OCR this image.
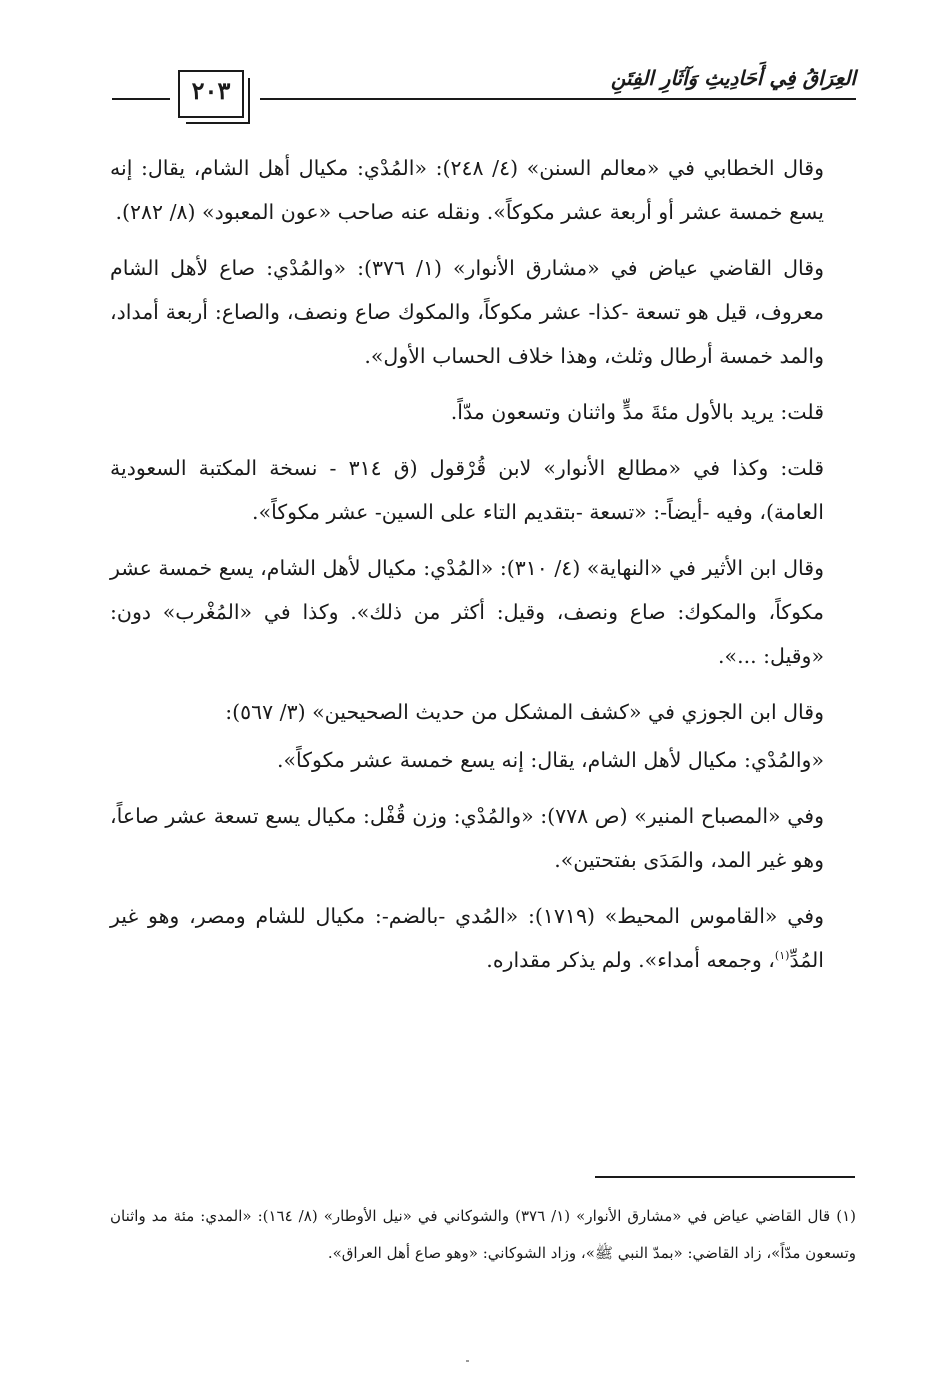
٢٠٣	العِرَاقُ فِي أَحَادِيثِ وَآثَارِ الفِتَنِ

وقال الخطابي في «معالم السنن» (٤/ ٢٤٨): «المُدْي: مكيال أهل الشام، يقال: إنه يسع خمسة عشر أو أربعة عشر مكوكاً». ونقله عنه صاحب «عون المعبود» (٨/ ٢٨٢).

وقال القاضي عياض في «مشارق الأنوار» (١/ ٣٧٦): «والمُدْي: صاع لأهل الشام معروف، قيل هو تسعة -كذا- عشر مكوكاً، والمكوك صاع ونصف، والصاع: أربعة أمداد، والمد خمسة أرطال وثلث، وهذا خلاف الحساب الأول».

قلت: يريد بالأول مئةَ مدٍّ واثنان وتسعون مدّاً.

قلت: وكذا في «مطالع الأنوار» لابن قُرْقول (ق ٣١٤ - نسخة المكتبة السعودية العامة)، وفيه -أيضاً-: «تسعة -بتقديم التاء على السين- عشر مكوكاً».

وقال ابن الأثير في «النهاية» (٤/ ٣١٠): «المُدْي: مكيال لأهل الشام، يسع خمسة عشر مكوكاً، والمكوك: صاع ونصف، وقيل: أكثر من ذلك». وكذا في «المُغْرب» دون: «وقيل: ...».

وقال ابن الجوزي في «كشف المشكل من حديث الصحيحين» (٣/ ٥٦٧):

«والمُدْي: مكيال لأهل الشام، يقال: إنه يسع خمسة عشر مكوكاً».

وفي «المصباح المنير» (ص ٧٧٨): «والمُدْي: وزن قُفْل: مكيال يسع تسعة عشر صاعاً، وهو غير المد، والمَدَى بفتحتين».

وفي «القاموس المحيط» (١٧١٩): «المُدي -بالضم-: مكيال للشام ومصر، وهو غير المُدِّ$^{(١)}$، وجمعه أمداء». ولم يذكر مقداره.

(١) قال القاضي عياض في «مشارق الأنوار» (١/ ٣٧٦) والشوكاني في «نيل الأوطار» (٨/ ١٦٤): «المدي: مئة مد واثنان وتسعون مدّاً»، زاد القاضي: «بمدّ النبي ﷺ»، وزاد الشوكاني: «وهو صاع أهل العراق».
